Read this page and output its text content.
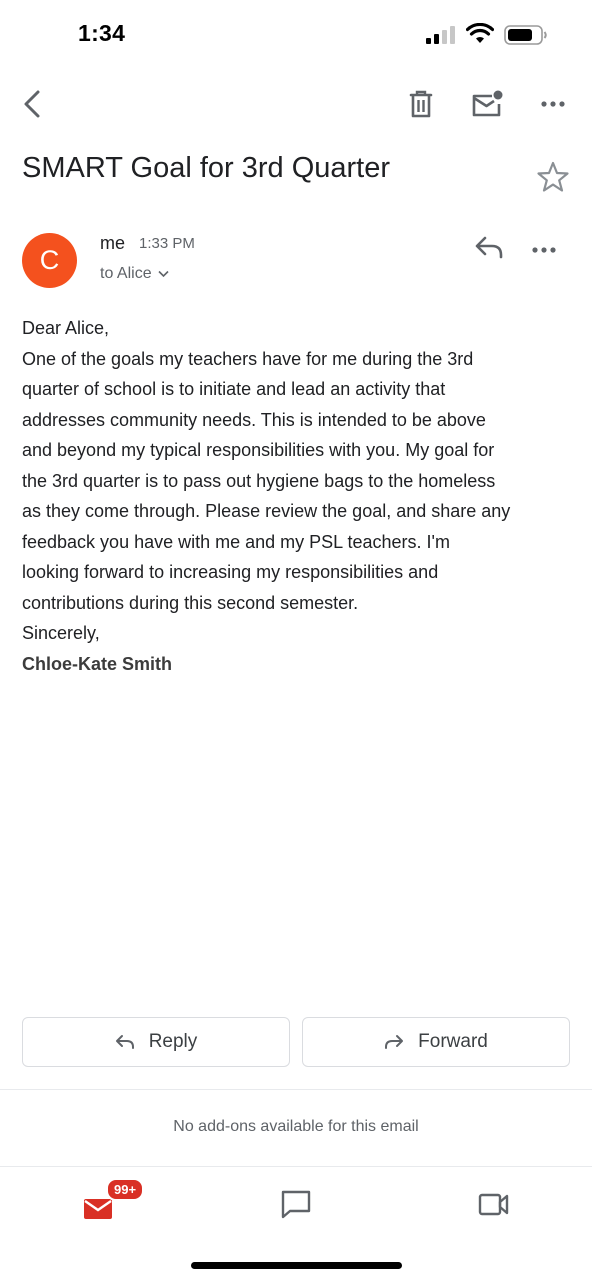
1:34
SMART Goal for 3rd Quarter
C
me 1:33 PM
to Alice

Dear Alice,

One of the goals my teachers have for me during the 3rd

quarter of school is to initiate and lead an activity that

addresses community needs. This is intended to be above

and beyond my typical responsibilities with you. My goal for

the 3rd quarter is to pass out hygiene bags to the homeless

as they come through. Please review the goal, and share any

feedback you have with me and my PSL teachers. I'm

looking forward to increasing my responsibilities and

contributions during this second semester.

Sincerely,

Chloe-Kate Smith

Reply	Forward
No add-ons available for this email
99+
